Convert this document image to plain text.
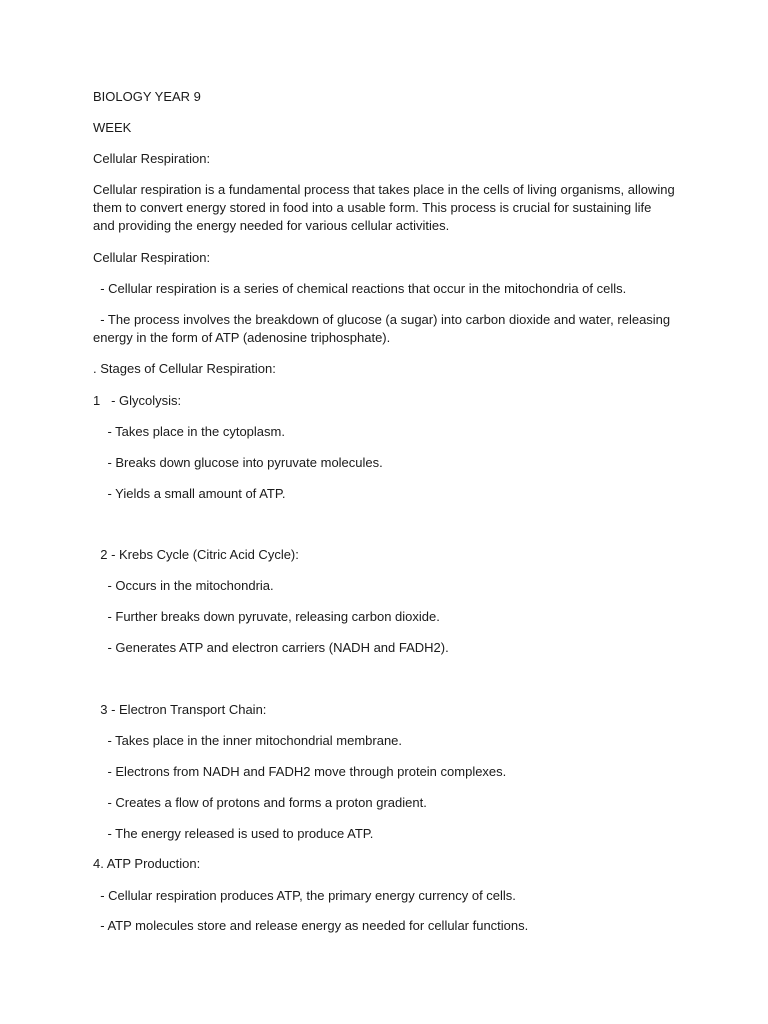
BIOLOGY YEAR 9

WEEK

Cellular Respiration:

Cellular respiration is a fundamental process that takes place in the cells of living organisms, allowing

them to convert energy stored in food into a usable form. This process is crucial for sustaining life

and providing the energy needed for various cellular activities.

Cellular Respiration:

- Cellular respiration is a series of chemical reactions that occur in the mitochondria of cells.

- The process involves the breakdown of glucose (a sugar) into carbon dioxide and water, releasing

energy in the form of ATP (adenosine triphosphate).

. Stages of Cellular Respiration:

1   - Glycolysis:

- Takes place in the cytoplasm.

- Breaks down glucose into pyruvate molecules.

- Yields a small amount of ATP.

2 - Krebs Cycle (Citric Acid Cycle):

- Occurs in the mitochondria.

- Further breaks down pyruvate, releasing carbon dioxide.

- Generates ATP and electron carriers (NADH and FADH2).

3 - Electron Transport Chain:

- Takes place in the inner mitochondrial membrane.

- Electrons from NADH and FADH2 move through protein complexes.

- Creates a flow of protons and forms a proton gradient.

- The energy released is used to produce ATP.

4. ATP Production:

- Cellular respiration produces ATP, the primary energy currency of cells.

- ATP molecules store and release energy as needed for cellular functions.
